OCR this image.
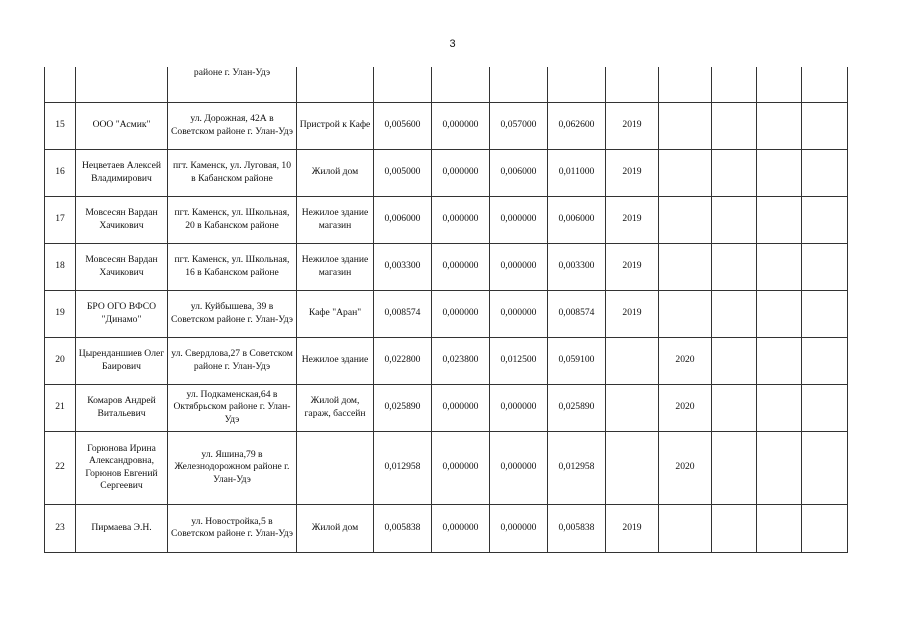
3
		районе г. Улан-Удэ										
15	ООО "Асмик"	ул. Дорожная, 42А в Советском районе г. Улан-Удэ	Пристрой к Кафе	0,005600	0,000000	0,057000	0,062600	2019				
16	Нецветаев Алексей Владимирович	пгт. Каменск, ул. Луговая, 10 в Кабанском районе	Жилой дом	0,005000	0,000000	0,006000	0,011000	2019				
17	Мовсесян Вардан Хачикович	пгт. Каменск, ул. Школьная, 20 в Кабанском районе	Нежилое здание магазин	0,006000	0,000000	0,000000	0,006000	2019				
18	Мовсесян Вардан Хачикович	пгт. Каменск, ул. Школьная, 16 в Кабанском районе	Нежилое здание магазин	0,003300	0,000000	0,000000	0,003300	2019				
19	БРО ОГО ВФСО "Динамо"	ул. Куйбышева, 39 в Советском районе г. Улан-Удэ	Кафе "Аран"	0,008574	0,000000	0,000000	0,008574	2019				
20	Цыренданшиев Олег Баирович	ул. Свердлова,27 в Советском районе г. Улан-Удэ	Нежилое здание	0,022800	0,023800	0,012500	0,059100		2020			
21	Комаров Андрей Витальевич	ул. Подкаменская,64 в Октябрьском районе г. Улан-Удэ	Жилой дом, гараж, бассейн	0,025890	0,000000	0,000000	0,025890		2020			
22	Горюнова Ирина Александровна, Горюнов Евгений Сергеевич	ул. Яшина,79 в Железнодорожном районе г. Улан-Удэ		0,012958	0,000000	0,000000	0,012958		2020			
23	Пирмаева Э.Н.	ул. Новостройка,5 в Советском районе г. Улан-Удэ	Жилой дом	0,005838	0,000000	0,000000	0,005838	2019				
